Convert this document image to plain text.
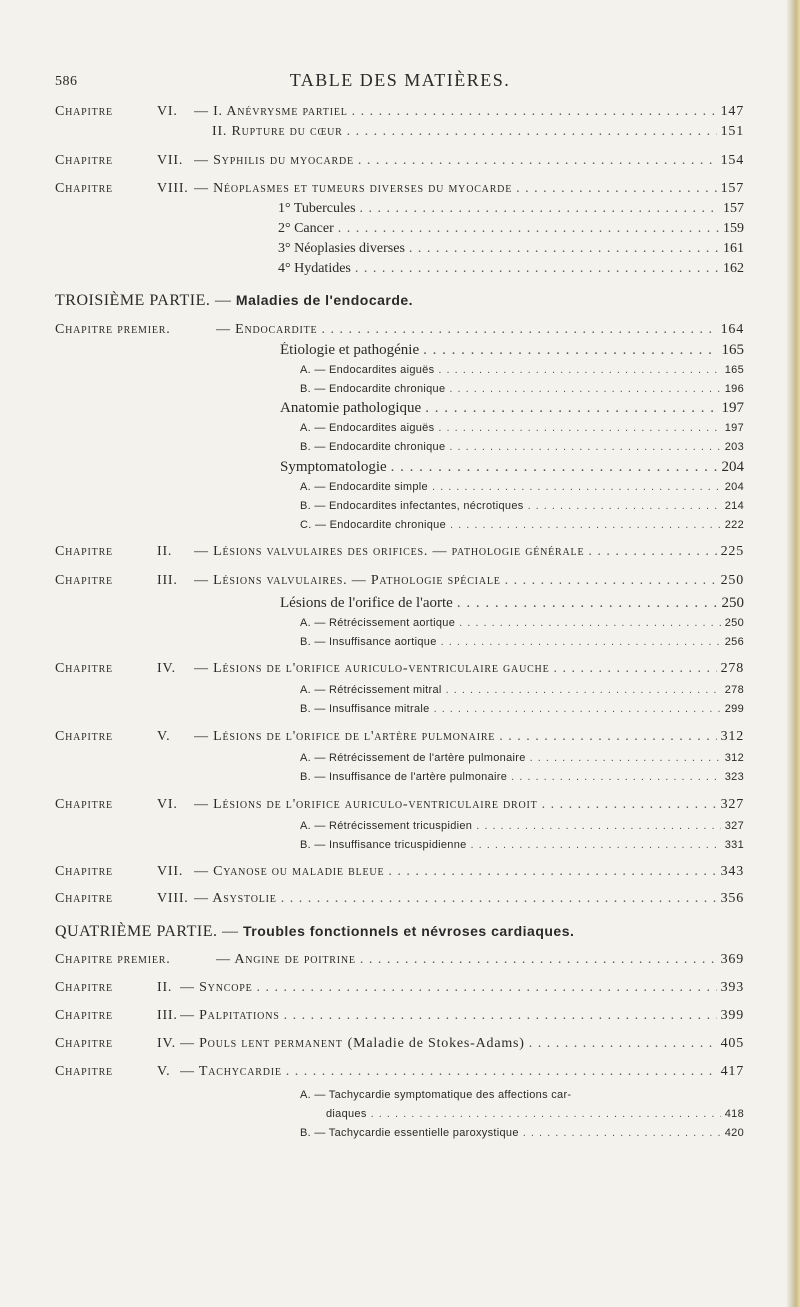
586	TABLE DES MATIÈRES.
Chapitre	VI. — I. Anévrysme partiel . . .	147
II. Rupture du cœur . . .	151
Chapitre	VII. — Syphilis du myocarde . . .	154
Chapitre	VIII. — Néoplasmes et tumeurs diverses du myocarde . . .	157
1° Tubercules . . .	157
2° Cancer . . .	159
3° Néoplasies diverses . . .	161
4° Hydatides . . .	162
TROISIÈME PARTIE. — Maladies de l'endocarde.
Chapitre premier.	— Endocardite . . .	164
Étiologie et pathogénie . . .	165
A. — Endocardites aiguës . . .	165
B. — Endocardite chronique . . .	196
Anatomie pathologique . . .	197
A. — Endocardites aiguës . . .	197
B. — Endocardite chronique . . .	203
Symptomatologie . . .	204
A. — Endocardite simple . . .	204
B. — Endocardites infectantes, nécrotiques . . .	214
C. — Endocardite chronique . . .	222
Chapitre	II. — Lésions valvulaires des orifices. — pathologie générale . . .	225
Chapitre	III. — Lésions valvulaires. — Pathologie spéciale . . .	250
Lésions de l'orifice de l'aorte . . .	250
A. — Rétrécissement aortique . . .	250
B. — Insuffisance aortique . . .	256
Chapitre	IV. — Lésions de l'orifice auriculo-ventriculaire gauche . . .	278
A. — Rétrécissement mitral . . .	278
B. — Insuffisance mitrale . . .	299
Chapitre	V. — Lésions de l'orifice de l'artère pulmonaire . . .	312
A. — Rétrécissement de l'artère pulmonaire . . .	312
B. — Insuffisance de l'artère pulmonaire . . .	323
Chapitre	VI. — Lésions de l'orifice auriculo-ventriculaire droit . . .	327
A. — Rétrécissement tricuspidien . . .	327
B. — Insuffisance tricuspidienne . . .	331
Chapitre	VII. — Cyanose ou maladie bleue . . .	343
Chapitre	VIII. — Asystolie . . .	356
QUATRIÈME PARTIE. — Troubles fonctionnels et névroses cardiaques.
Chapitre premier.	— Angine de poitrine . . .	369
Chapitre	II. — Syncope . . .	393
Chapitre	III. — Palpitations . . .	399
Chapitre	IV. — Pouls lent permanent (Maladie de Stokes-Adams) . . .	405
Chapitre	V. — Tachycardie . . .	417
A. — Tachycardie symptomatique des affections car-
diaques . . .	418
B. — Tachycardie essentielle paroxystique . . .	420
